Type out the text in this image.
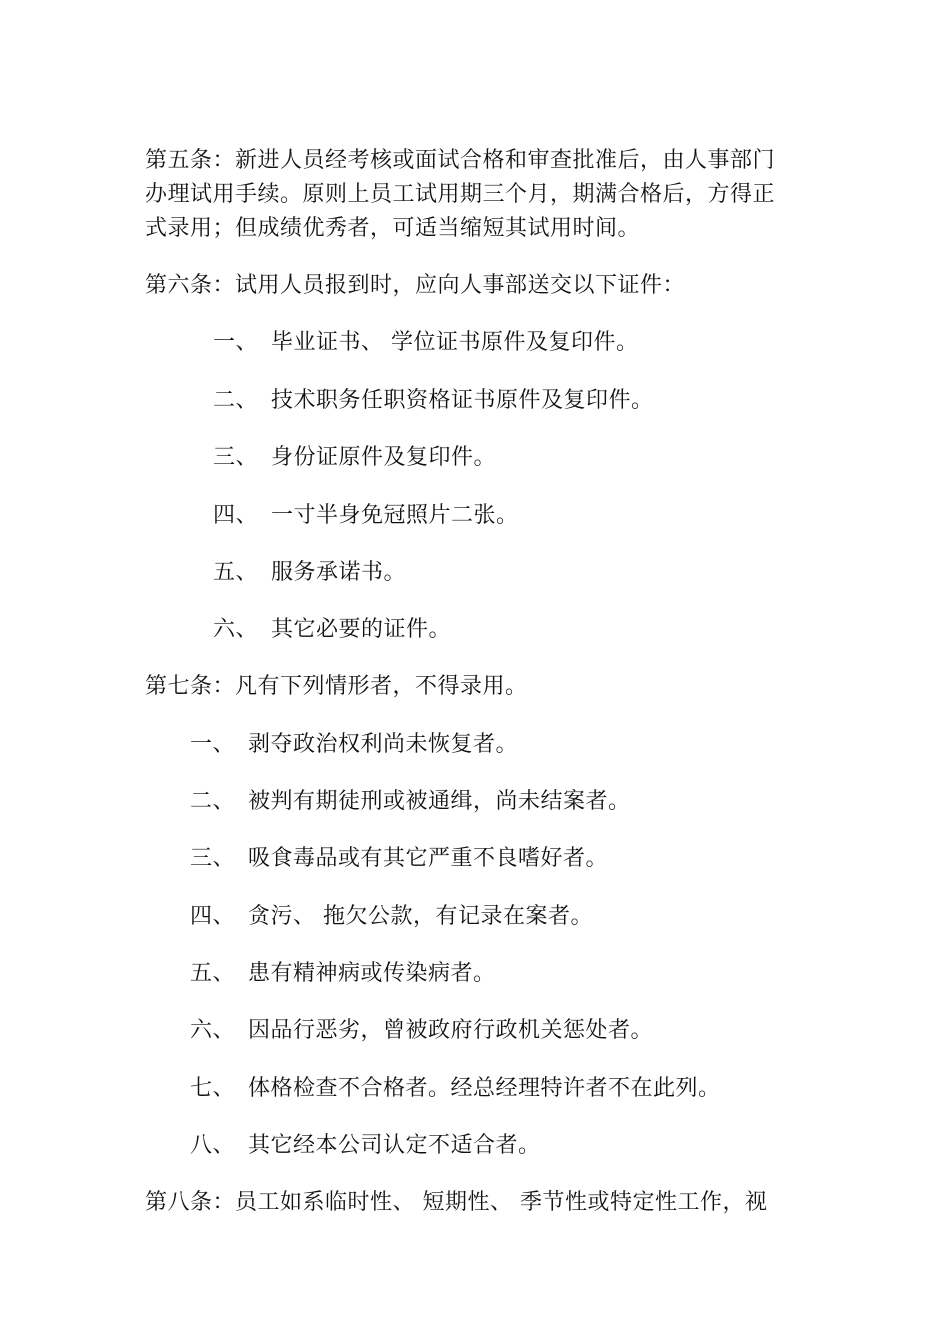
第五条：新进人员经考核或面试合格和审查批准后，由人事部门
办理试用手续。原则上员工试用期三个月，期满合格后，方得正
式录用；但成绩优秀者，可适当缩短其试用时间。
第六条：试用人员报到时，应向人事部送交以下证件：
一、 毕业证书、 学位证书原件及复印件。
二、 技术职务任职资格证书原件及复印件。
三、 身份证原件及复印件。
四、 一寸半身免冠照片二张。
五、 服务承诺书。
六、 其它必要的证件。
第七条：凡有下列情形者，不得录用。
一、 剥夺政治权利尚未恢复者。
二、 被判有期徒刑或被通缉，尚未结案者。
三、 吸食毒品或有其它严重不良嗜好者。
四、 贪污、 拖欠公款，有记录在案者。
五、 患有精神病或传染病者。
六、 因品行恶劣，曾被政府行政机关惩处者。
七、 体格检查不合格者。经总经理特许者不在此列。
八、 其它经本公司认定不适合者。
第八条：员工如系临时性、 短期性、 季节性或特定性工作，视
